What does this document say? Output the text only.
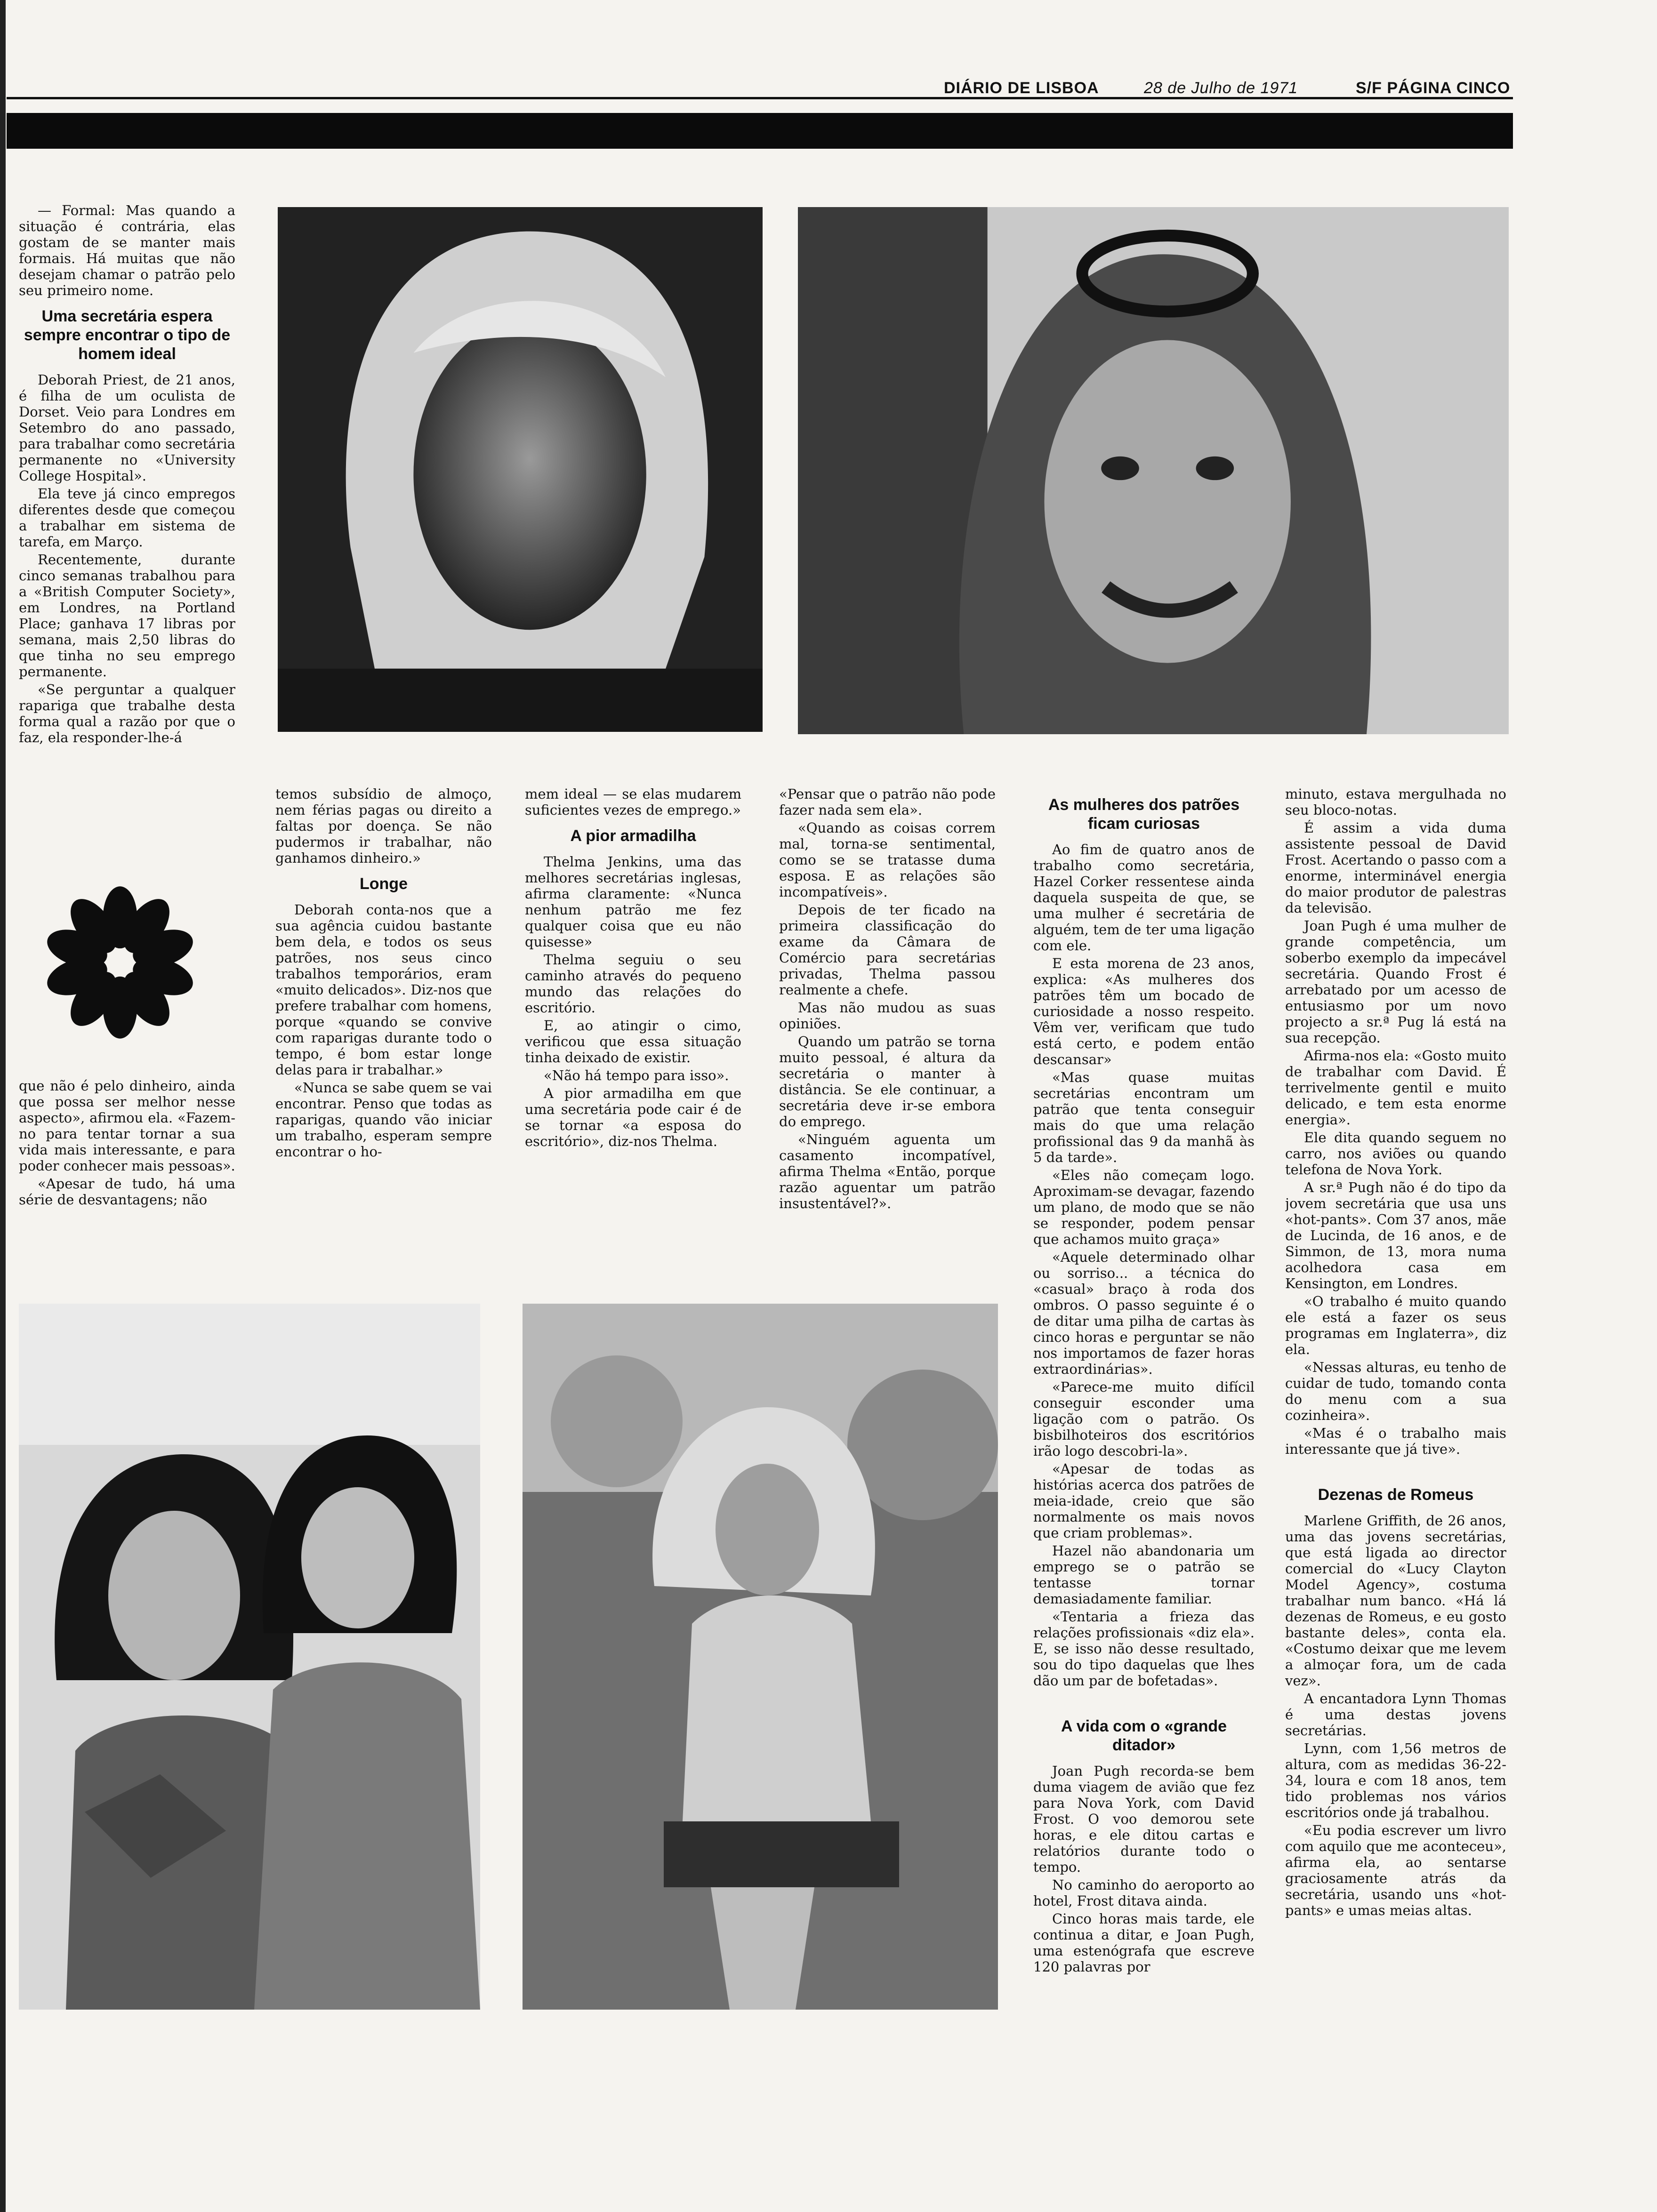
DIÁRIO DE LISBOA	28 de Julho de 1971	S/F PÁGINA CINCO

— Formal: Mas quando a situação é contrária, elas gostam de se manter mais formais. Há muitas que não desejam chamar o patrão pelo seu primeiro nome.

Uma secretária espera sempre encontrar o tipo de homem ideal

Deborah Priest, de 21 anos, é filha de um oculista de Dorset. Veio para Londres em Setembro do ano passado, para trabalhar como secretária permanente no «University College Hospital».

Ela teve já cinco empregos diferentes desde que começou a trabalhar em sistema de tarefa, em Março.

Recentemente, durante cinco semanas trabalhou para a «British Computer Society», em Londres, na Portland Place; ganhava 17 libras por semana, mais 2,50 libras do que tinha no seu emprego permanente.

«Se perguntar a qualquer rapariga que trabalhe desta forma qual a razão por que o faz, ela responder-lhe-á

que não é pelo dinheiro, ainda que possa ser melhor nesse aspecto», afirmou ela. «Fazem-no para tentar tornar a sua vida mais interessante, e para poder conhecer mais pessoas».

«Apesar de tudo, há uma série de desvantagens; não

temos subsídio de almoço, nem férias pagas ou direito a faltas por doença. Se não pudermos ir trabalhar, não ganhamos dinheiro.»

Longe

Deborah conta-nos que a sua agência cuidou bastante bem dela, e todos os seus patrões, nos seus cinco trabalhos temporários, eram «muito delicados». Diz-nos que prefere trabalhar com homens, porque «quando se convive com raparigas durante todo o tempo, é bom estar longe delas para ir trabalhar.»

«Nunca se sabe quem se vai encontrar. Penso que todas as raparigas, quando vão iniciar um trabalho, esperam sempre encontrar o ho-

mem ideal — se elas mudarem suficientes vezes de emprego.»

A pior armadilha

Thelma Jenkins, uma das melhores secretárias inglesas, afirma claramente: «Nunca nenhum patrão me fez qualquer coisa que eu não quisesse»

Thelma seguiu o seu caminho através do pequeno mundo das relações do escritório.

E, ao atingir o cimo, verificou que essa situação tinha deixado de existir.

«Não há tempo para isso».

A pior armadilha em que uma secretária pode cair é de se tornar «a esposa do escritório», diz-nos Thelma.

«Pensar que o patrão não pode fazer nada sem ela».

«Quando as coisas correm mal, torna-se sentimental, como se se tratasse duma esposa. E as relações são incompatíveis».

Depois de ter ficado na primeira classificação do exame da Câmara de Comércio para secretárias privadas, Thelma passou realmente a chefe.

Mas não mudou as suas opiniões.

Quando um patrão se torna muito pessoal, é altura da secretária o manter à distância. Se ele continuar, a secretária deve ir-se embora do emprego.

«Ninguém aguenta um casamento incompatível, afirma Thelma «Então, porque razão aguentar um patrão insustentável?».

As mulheres dos patrões ficam curiosas

Ao fim de quatro anos de trabalho como secretária, Hazel Corker ressentese ainda daquela suspeita de que, se uma mulher é secretária de alguém, tem de ter uma ligação com ele.

E esta morena de 23 anos, explica: «As mulheres dos patrões têm um bocado de curiosidade a nosso respeito. Vêm ver, verificam que tudo está certo, e podem então descansar»

«Mas quase muitas secretárias encontram um patrão que tenta conseguir mais do que uma relação profissional das 9 da manhã às 5 da tarde».

«Eles não começam logo. Aproximam-se devagar, fazendo um plano, de modo que se não se responder, podem pensar que achamos muito graça»

«Aquele determinado olhar ou sorriso... a técnica do «casual» braço à roda dos ombros. O passo seguinte é o de ditar uma pilha de cartas às cinco horas e perguntar se não nos importamos de fazer horas extraordinárias».

«Parece-me muito difícil conseguir esconder uma ligação com o patrão. Os bisbilhoteiros dos escritórios irão logo descobri-la».

«Apesar de todas as histórias acerca dos patrões de meia-idade, creio que são normalmente os mais novos que criam problemas».

Hazel não abandonaria um emprego se o patrão se tentasse tornar demasiadamente familiar.

«Tentaria a frieza das relações profissionais «diz ela». E, se isso não desse resultado, sou do tipo daquelas que lhes dão um par de bofetadas».

A vida com o «grande ditador»

Joan Pugh recorda-se bem duma viagem de avião que fez para Nova York, com David Frost. O voo demorou sete horas, e ele ditou cartas e relatórios durante todo o tempo.

No caminho do aeroporto ao hotel, Frost ditava ainda.

Cinco horas mais tarde, ele continua a ditar, e Joan Pugh, uma estenógrafa que escreve 120 palavras por

minuto, estava mergulhada no seu bloco-notas.

É assim a vida duma assistente pessoal de David Frost. Acertando o passo com a enorme, interminável energia do maior produtor de palestras da televisão.

Joan Pugh é uma mulher de grande competência, um soberbo exemplo da impecável secretária. Quando Frost é arrebatado por um acesso de entusiasmo por um novo projecto a sr.ª Pug lá está na sua recepção.

Afirma-nos ela: «Gosto muito de trabalhar com David. É terrivelmente gentil e muito delicado, e tem esta enorme energia».

Ele dita quando seguem no carro, nos aviões ou quando telefona de Nova York.

A sr.ª Pugh não é do tipo da jovem secretária que usa uns «hot-pants». Com 37 anos, mãe de Lucinda, de 16 anos, e de Simmon, de 13, mora numa acolhedora casa em Kensington, em Londres.

«O trabalho é muito quando ele está a fazer os seus programas em Inglaterra», diz ela.

«Nessas alturas, eu tenho de cuidar de tudo, tomando conta do menu com a sua cozinheira».

«Mas é o trabalho mais interessante que já tive».

Dezenas de Romeus

Marlene Griffith, de 26 anos, uma das jovens secretárias, que está ligada ao director comercial do «Lucy Clayton Model Agency», costuma trabalhar num banco. «Há lá dezenas de Romeus, e eu gosto bastante deles», conta ela. «Costumo deixar que me levem a almoçar fora, um de cada vez».

A encantadora Lynn Thomas é uma destas jovens secretárias.

Lynn, com 1,56 metros de altura, com as medidas 36-22-34, loura e com 18 anos, tem tido problemas nos vários escritórios onde já trabalhou.

«Eu podia escrever um livro com aquilo que me aconteceu», afirma ela, ao sentarse graciosamente atrás da secretária, usando uns «hot-pants» e umas meias altas.
